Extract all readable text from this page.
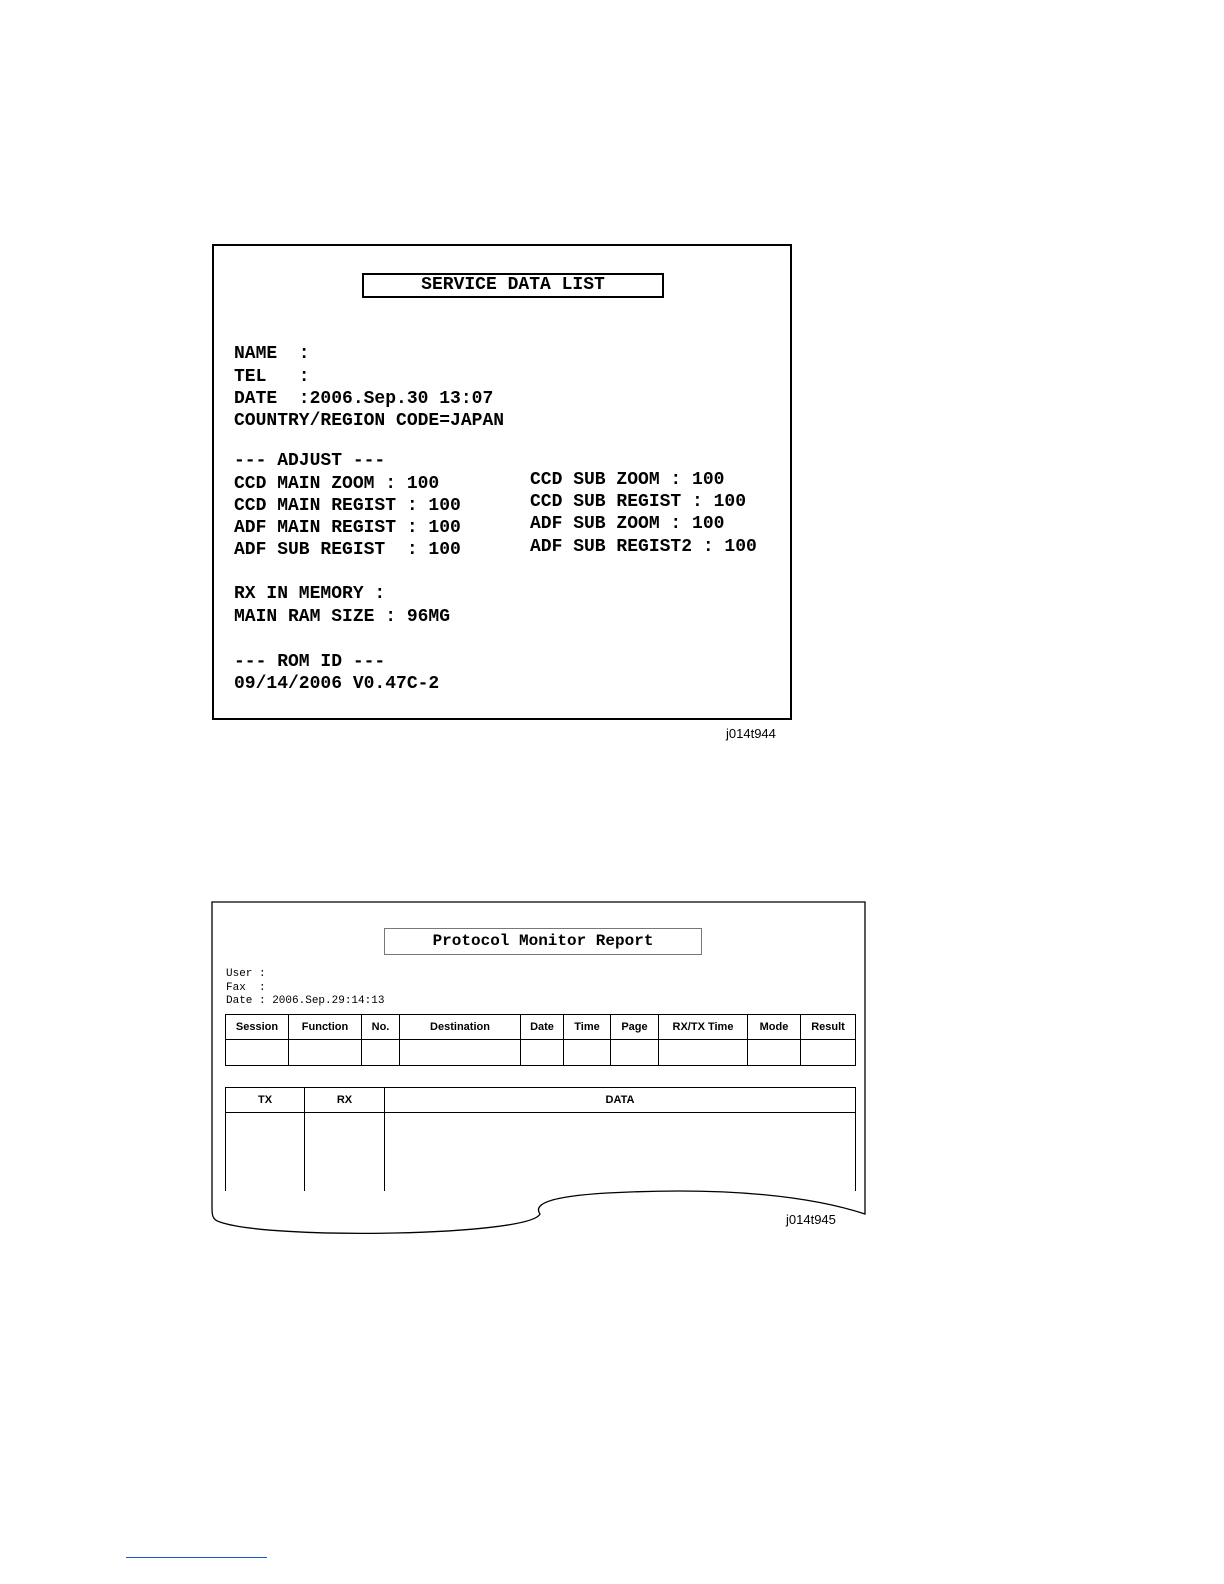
SERVICE DATA LIST
NAME  :
TEL   :
DATE  :2006.Sep.30 13:07
COUNTRY/REGION CODE=JAPAN
--- ADJUST ---
CCD MAIN ZOOM : 100
CCD MAIN REGIST : 100
ADF MAIN REGIST : 100
ADF SUB REGIST  : 100
CCD SUB ZOOM : 100
CCD SUB REGIST : 100
ADF SUB ZOOM : 100
ADF SUB REGIST2 : 100
RX IN MEMORY :
MAIN RAM SIZE : 96MG
--- ROM ID ---
09/14/2006 V0.47C-2
j014t944
Protocol Monitor Report
User :
Fax  :
Date : 2006.Sep.29:14:13
Session	Function	No.	Destination	Date	Time	Page	RX/TX Time	Mode	Result

TX	RX	DATA

j014t945
